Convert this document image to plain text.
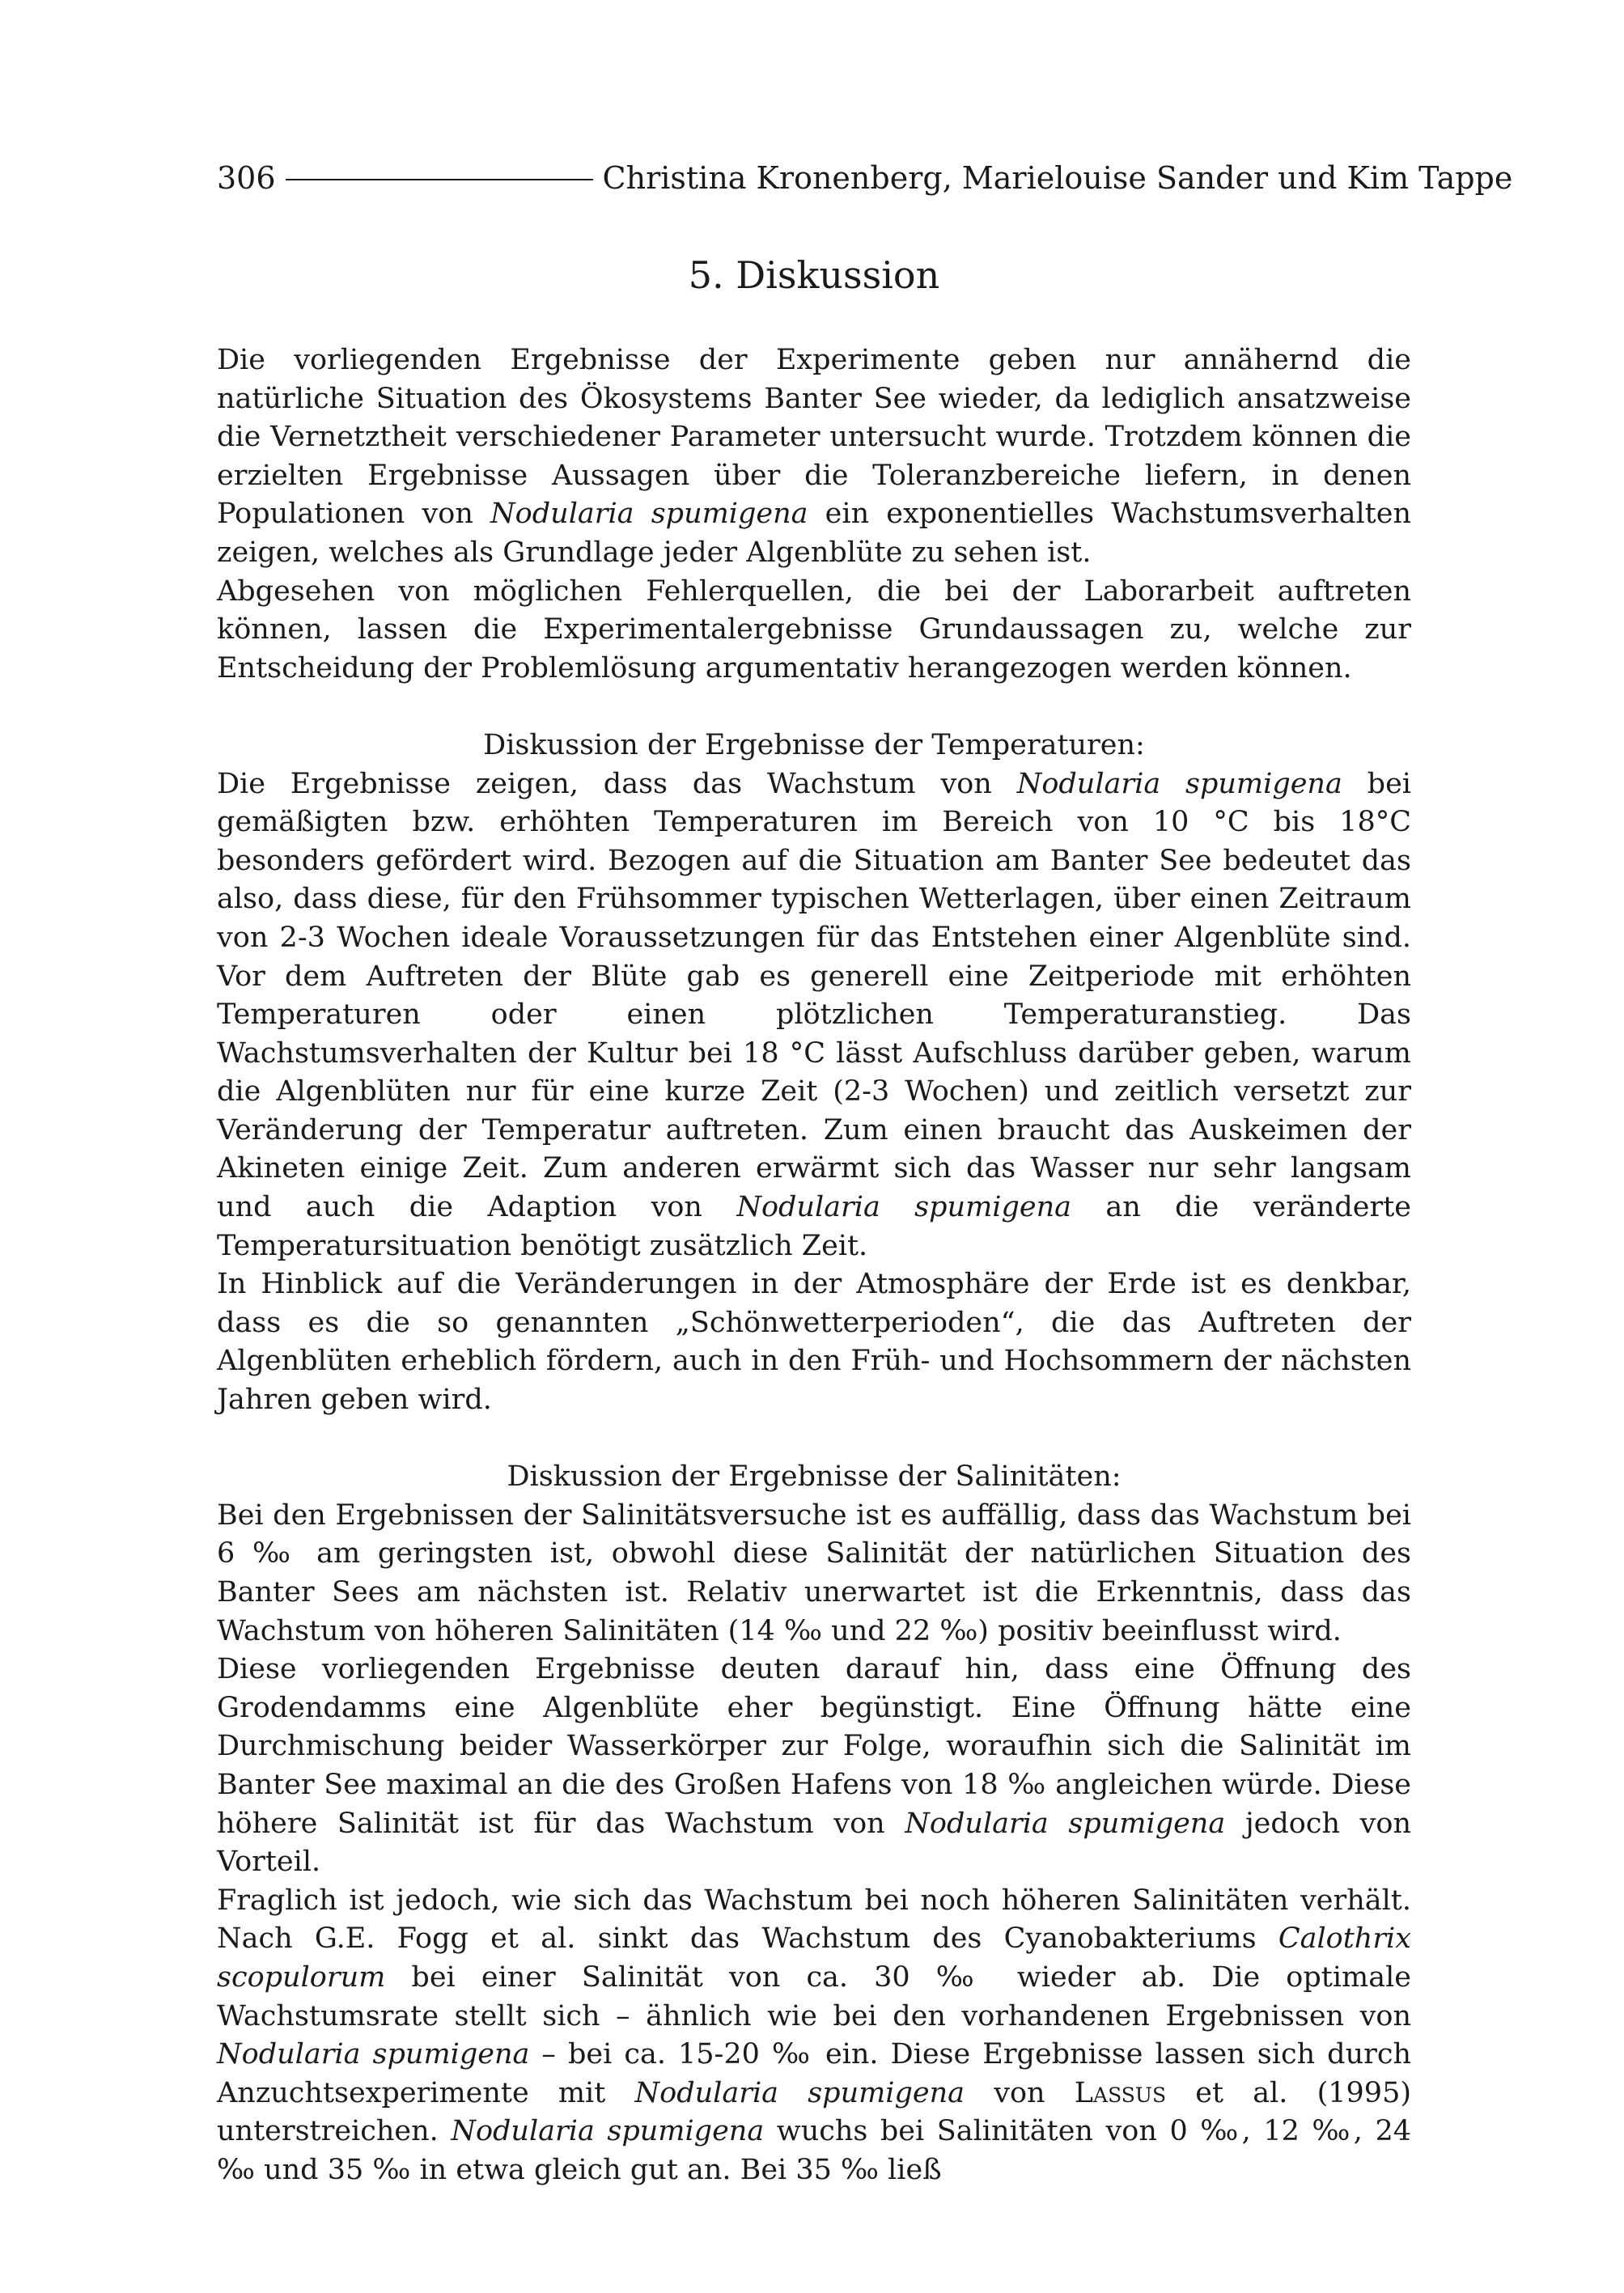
306	Christina Kronenberg, Marielouise Sander und Kim Tappe
5. Diskussion

Die vorliegenden Ergebnisse der Experimente geben nur annähernd die natürliche Situation des Ökosystems Banter See wieder, da lediglich ansatzweise die Vernetztheit verschiedener Parameter untersucht wurde. Trotzdem können die erzielten Ergebnisse Aussagen über die Toleranzbereiche liefern, in denen Populationen von Nodularia spumigena ein exponentielles Wachstumsverhalten zeigen, welches als Grundlage jeder Algenblüte zu sehen ist.

Abgesehen von möglichen Fehlerquellen, die bei der Laborarbeit auftreten können, lassen die Experimentalergebnisse Grundaussagen zu, welche zur Entscheidung der Problemlösung argumentativ herangezogen werden können.

Diskussion der Ergebnisse der Temperaturen:

Die Ergebnisse zeigen, dass das Wachstum von Nodularia spumigena bei gemäßigten bzw. erhöhten Temperaturen im Bereich von 10 °C bis 18°C besonders gefördert wird. Bezogen auf die Situation am Banter See bedeutet das also, dass diese, für den Frühsommer typischen Wetterlagen, über einen Zeitraum von 2-3 Wochen ideale Voraussetzungen für das Entstehen einer Algenblüte sind. Vor dem Auftreten der Blüte gab es generell eine Zeitperiode mit erhöhten Temperaturen oder einen plötzlichen Temperaturanstieg. Das Wachstumsverhalten der Kultur bei 18 °C lässt Aufschluss darüber geben, warum die Algenblüten nur für eine kurze Zeit (2-3 Wochen) und zeitlich versetzt zur Veränderung der Temperatur auftreten. Zum einen braucht das Auskeimen der Akineten einige Zeit. Zum anderen erwärmt sich das Wasser nur sehr langsam und auch die Adaption von Nodularia spumigena an die veränderte Temperatursituation benötigt zusätzlich Zeit.

In Hinblick auf die Veränderungen in der Atmosphäre der Erde ist es denkbar, dass es die so genannten „Schönwetterperioden“, die das Auftreten der Algenblüten erheblich fördern, auch in den Früh- und Hochsommern der nächsten Jahren geben wird.

Diskussion der Ergebnisse der Salinitäten:

Bei den Ergebnissen der Salinitätsversuche ist es auffällig, dass das Wachstum bei 6 ‰ am geringsten ist, obwohl diese Salinität der natürlichen Situation des Banter Sees am nächsten ist. Relativ unerwartet ist die Erkenntnis, dass das Wachstum von höheren Salinitäten (14 ‰ und 22 ‰) positiv beeinflusst wird.

Diese vorliegenden Ergebnisse deuten darauf hin, dass eine Öffnung des Grodendamms eine Algenblüte eher begünstigt. Eine Öffnung hätte eine Durchmischung beider Wasserkörper zur Folge, woraufhin sich die Salinität im Banter See maximal an die des Großen Hafens von 18 ‰ angleichen würde. Diese höhere Salinität ist für das Wachstum von Nodularia spumigena jedoch von Vorteil.

Fraglich ist jedoch, wie sich das Wachstum bei noch höheren Salinitäten verhält. Nach G.E. Fogg et al. sinkt das Wachstum des Cyanobakteriums Calothrix scopulorum bei einer Salinität von ca. 30 ‰ wieder ab. Die optimale Wachstumsrate stellt sich – ähnlich wie bei den vorhandenen Ergebnissen von Nodularia spumigena – bei ca. 15-20 ‰ ein. Diese Ergebnisse lassen sich durch Anzuchtsexperimente mit Nodularia spumigena von Lassus et al. (1995) unterstreichen. Nodularia spumigena wuchs bei Salinitäten von 0 ‰, 12 ‰, 24 ‰ und 35 ‰ in etwa gleich gut an. Bei 35 ‰ ließ
